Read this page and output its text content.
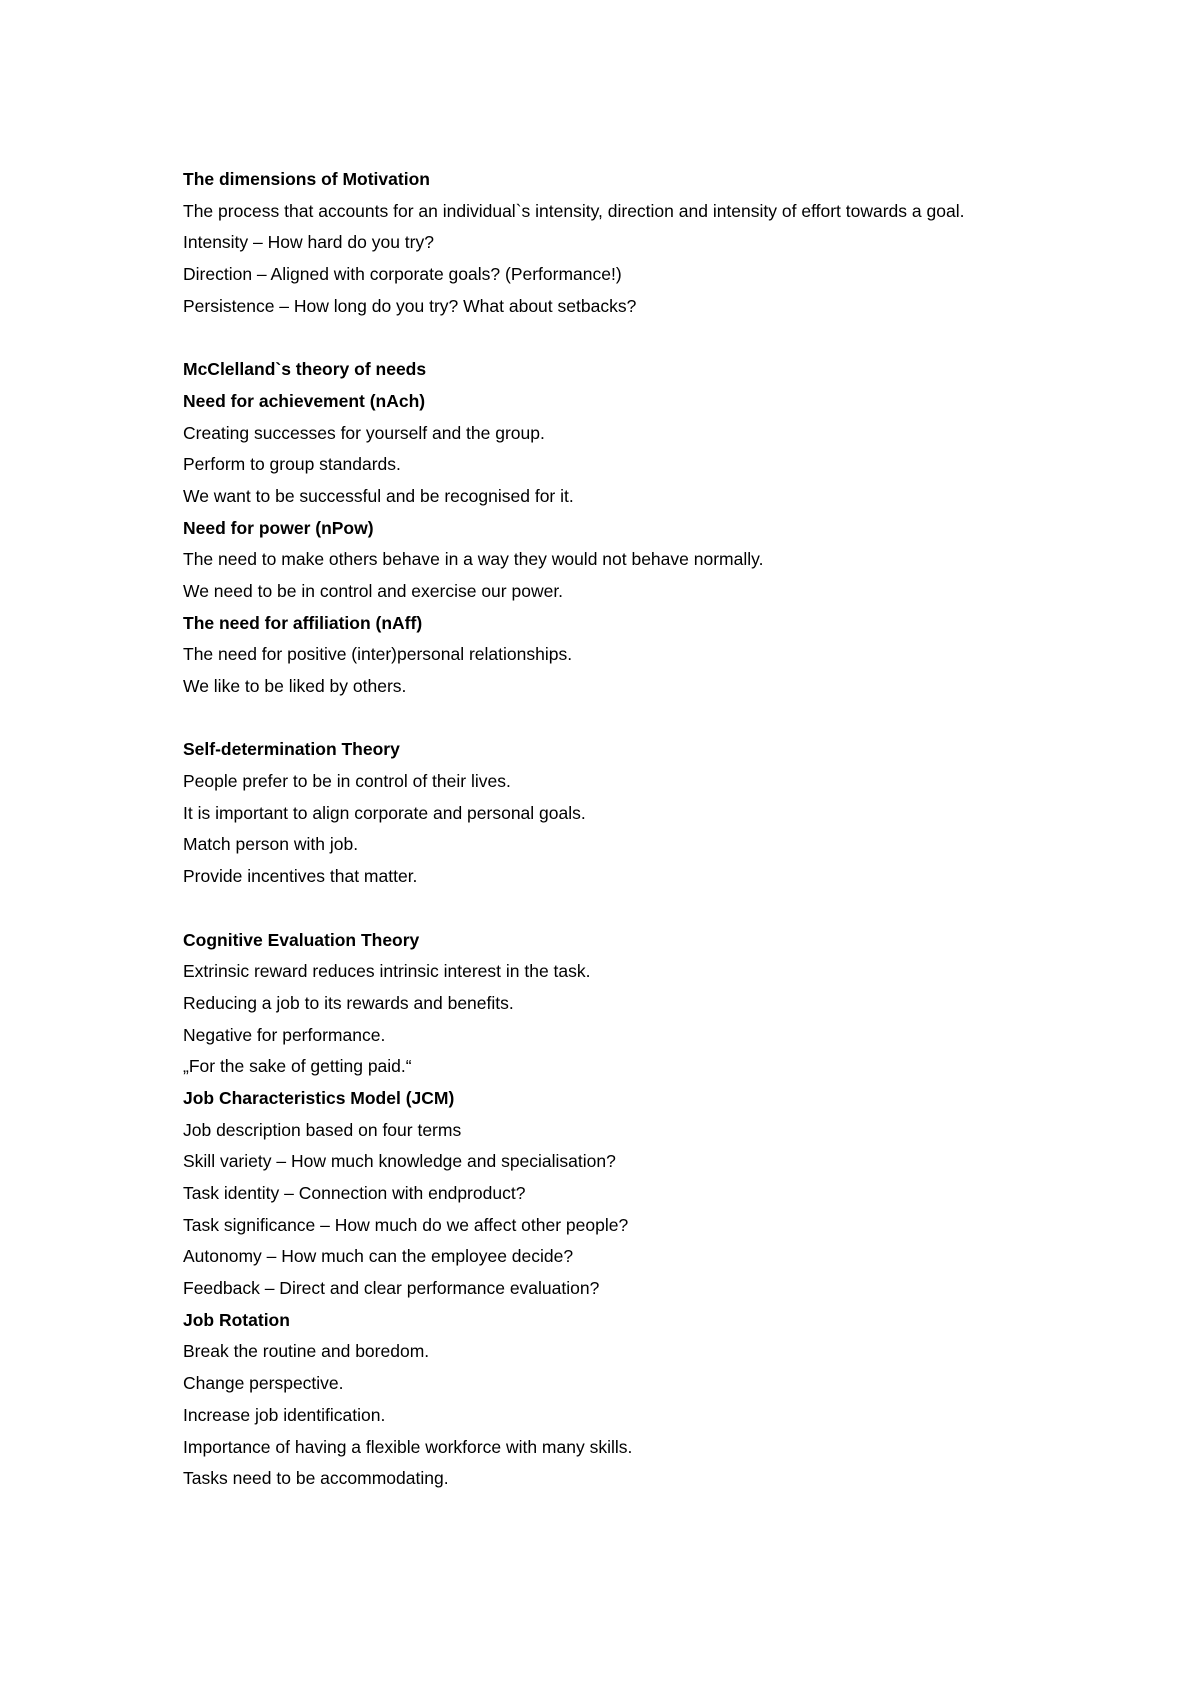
The dimensions of Motivation
The process that accounts for an individual`s intensity, direction and intensity of effort towards a goal.
Intensity – How hard do you try?
Direction – Aligned with corporate goals? (Performance!)
Persistence – How long do you try? What about setbacks?
McClelland`s theory of needs
Need for achievement (nAch)
Creating successes for yourself and the group.
Perform to group standards.
We want to be successful and be recognised for it.
Need for power (nPow)
The need to make others behave in a way they would not behave normally.
We need to be in control and exercise our power.
The need for affiliation (nAff)
The need for positive (inter)personal relationships.
We like to be liked by others.
Self-determination Theory
People prefer to be in control of their lives.
It is important to align corporate and personal goals.
Match person with job.
Provide incentives that matter.
Cognitive Evaluation Theory
Extrinsic reward reduces intrinsic interest in the task.
Reducing a job to its rewards and benefits.
Negative for performance.
„For the sake of getting paid.“
Job Characteristics Model (JCM)
Job description based on four terms
Skill variety – How much knowledge and specialisation?
Task identity – Connection with endproduct?
Task significance – How much do we affect other people?
Autonomy – How much can the employee decide?
Feedback – Direct and clear performance evaluation?
Job Rotation
Break the routine and boredom.
Change perspective.
Increase job identification.
Importance of having a flexible workforce with many skills.
Tasks need to be accommodating.
